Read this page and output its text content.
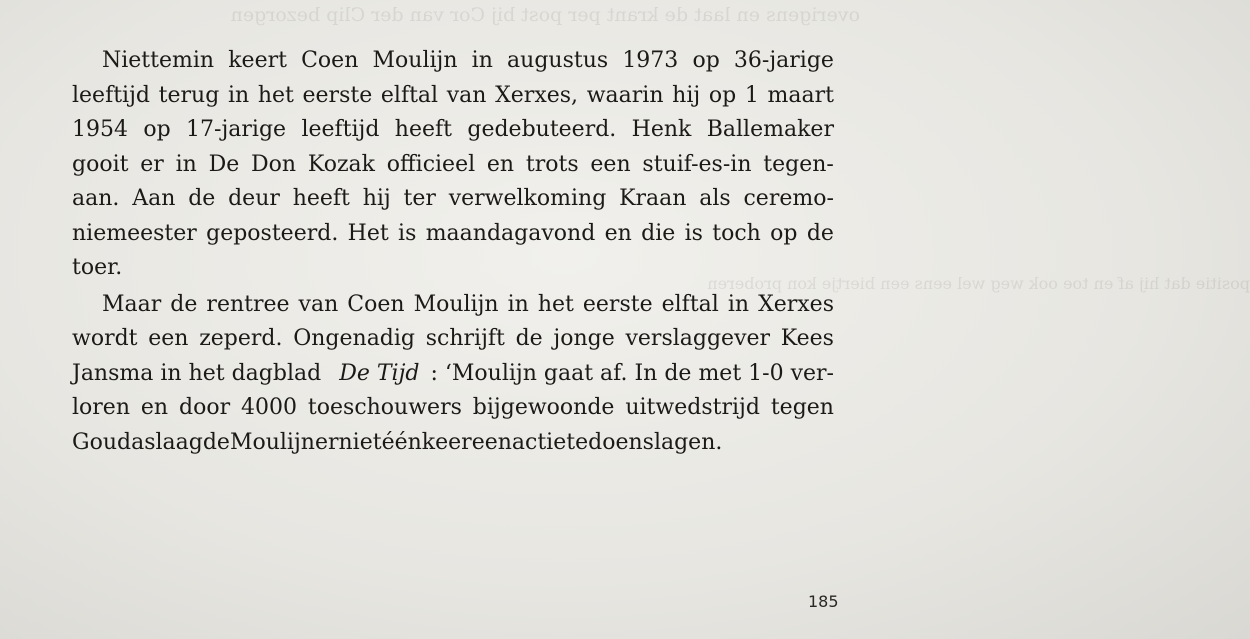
overigens en laat de krant per post bij Cor van der Clip bezorgen
positie dat hij af en toe ook weg wel eens een biertje kon proberen
Niettemin keert Coen Moulijn in augustus 1973 op 36-jarige
leeftijd terug in het eerste elftal van Xerxes, waarin hij op 1 maart
1954 op 17-jarige leeftijd heeft gedebuteerd. Henk Ballemaker
gooit er in De Don Kozak officieel en trots een stuif-es-in tegen-
aan. Aan de deur heeft hij ter verwelkoming Kraan als ceremo-
niemeester geposteerd. Het is maandagavond en die is toch op de
toer.
Maar de rentree van Coen Moulijn in het eerste elftal in Xerxes
wordt een zeperd. Ongenadig schrijft de jonge verslaggever Kees
Jansma in het dagblad De Tijd : ‘Moulijn gaat af. In de met 1-0 ver-
loren en door 4000 toeschouwers bijgewoonde uitwedstrijd tegen
Gouda slaagde Moulijn er niet één keer een actie te doen slagen.
185
